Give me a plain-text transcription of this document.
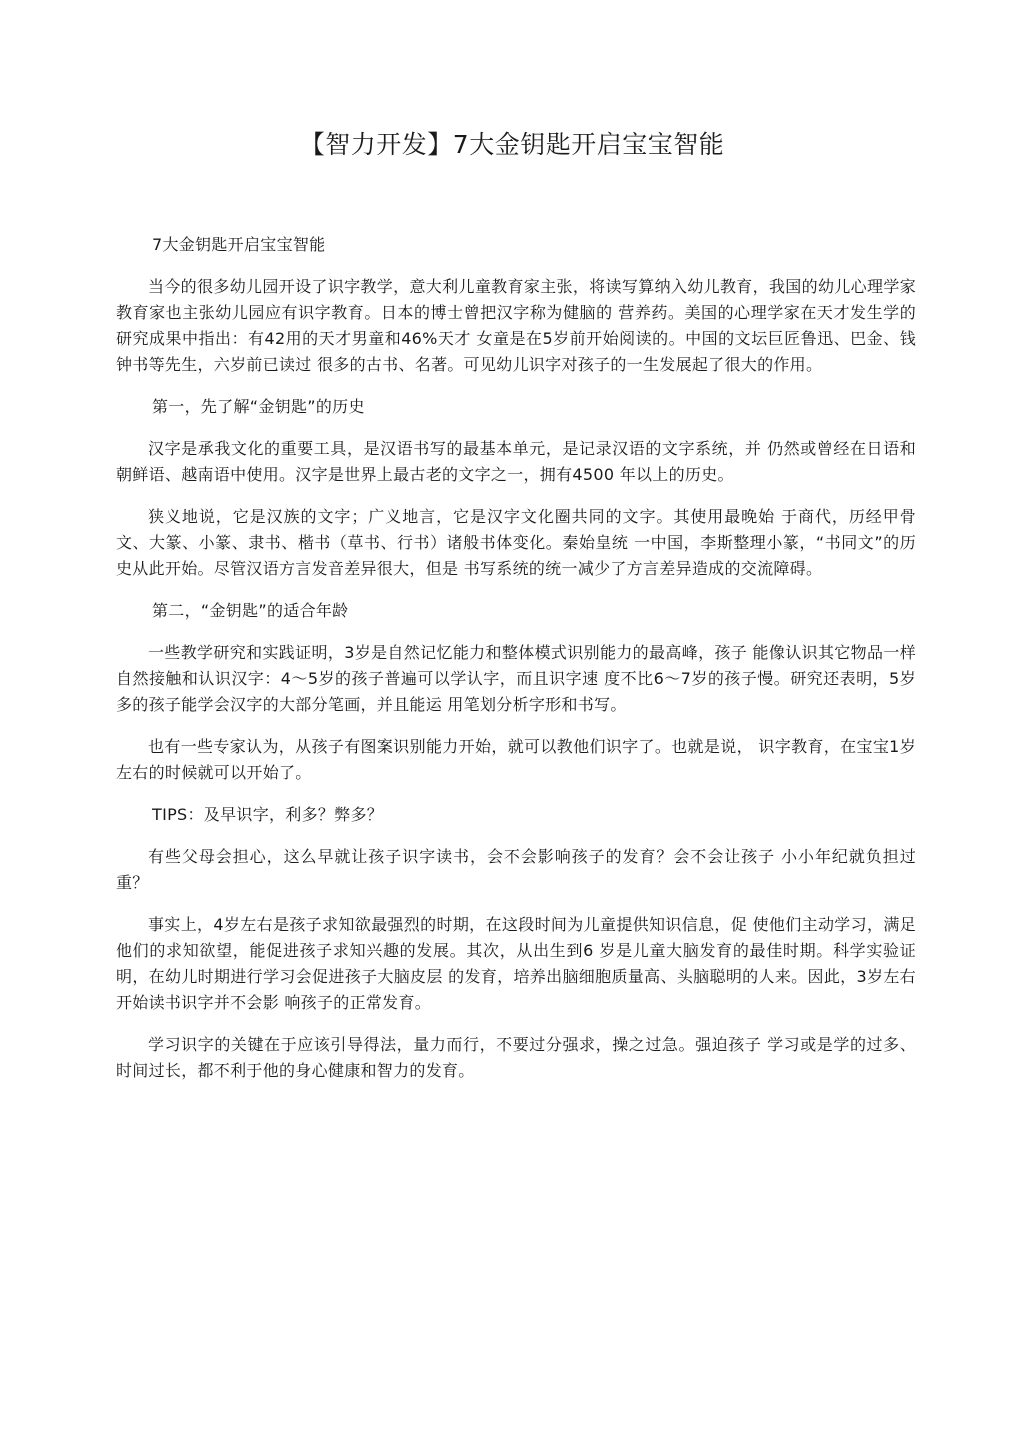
【智力开发】7大金钥匙开启宝宝智能

7大金钥匙开启宝宝智能

当今的很多幼儿园开设了识字教学，意大利儿童教育家主张，将读写算纳入幼儿教育，我国的幼儿心理学家教育家也主张幼儿园应有识字教育。日本的博士曾把汉字称为健脑的 营养药。美国的心理学家在天才发生学的研究成果中指出：有42用的天才男童和46%天才 女童是在5岁前开始阅读的。中国的文坛巨匠鲁迅、巴金、钱钟书等先生，六岁前已读过 很多的古书、名著。可见幼儿识字对孩子的一生发展起了很大的作用。

第一，先了解“金钥匙”的历史

汉字是承我文化的重要工具，是汉语书写的最基本单元，是记录汉语的文字系统，并 仍然或曾经在日语和朝鲜语、越南语中使用。汉字是世界上最古老的文字之一，拥有4500 年以上的历史。

狭义地说，它是汉族的文字；广义地言，它是汉字文化圈共同的文字。其使用最晚始 于商代，历经甲骨文、大篆、小篆、隶书、楷书（草书、行书）诸般书体变化。秦始皇统 一中国，李斯整理小篆，“书同文”的历史从此开始。尽管汉语方言发音差异很大，但是 书写系统的统一减少了方言差异造成的交流障碍。

第二，“金钥匙”的适合年龄

一些教学研究和实践证明，3岁是自然记忆能力和整体模式识别能力的最高峰，孩子 能像认识其它物品一样自然接触和认识汉字：4〜5岁的孩子普遍可以学认字，而且识字速 度不比6〜7岁的孩子慢。研究还表明，5岁多的孩子能学会汉字的大部分笔画，并且能运 用笔划分析字形和书写。

也有一些专家认为，从孩子有图案识别能力开始，就可以教他们识字了。也就是说， 识字教育，在宝宝1岁左右的时候就可以开始了。

TIPS：及早识字，利多？弊多？

有些父母会担心，这么早就让孩子识字读书，会不会影响孩子的发育？会不会让孩子 小小年纪就负担过重？

事实上，4岁左右是孩子求知欲最强烈的时期，在这段时间为儿童提供知识信息，促 使他们主动学习，满足他们的求知欲望，能促进孩子求知兴趣的发展。其次，从出生到6 岁是儿童大脑发育的最佳时期。科学实验证明，在幼儿时期进行学习会促进孩子大脑皮层 的发育，培养出脑细胞质量高、头脑聪明的人来。因此，3岁左右开始读书识字并不会影 响孩子的正常发育。

学习识字的关键在于应该引导得法，量力而行，不要过分强求，操之过急。强迫孩子 学习或是学的过多、时间过长，都不利于他的身心健康和智力的发育。
